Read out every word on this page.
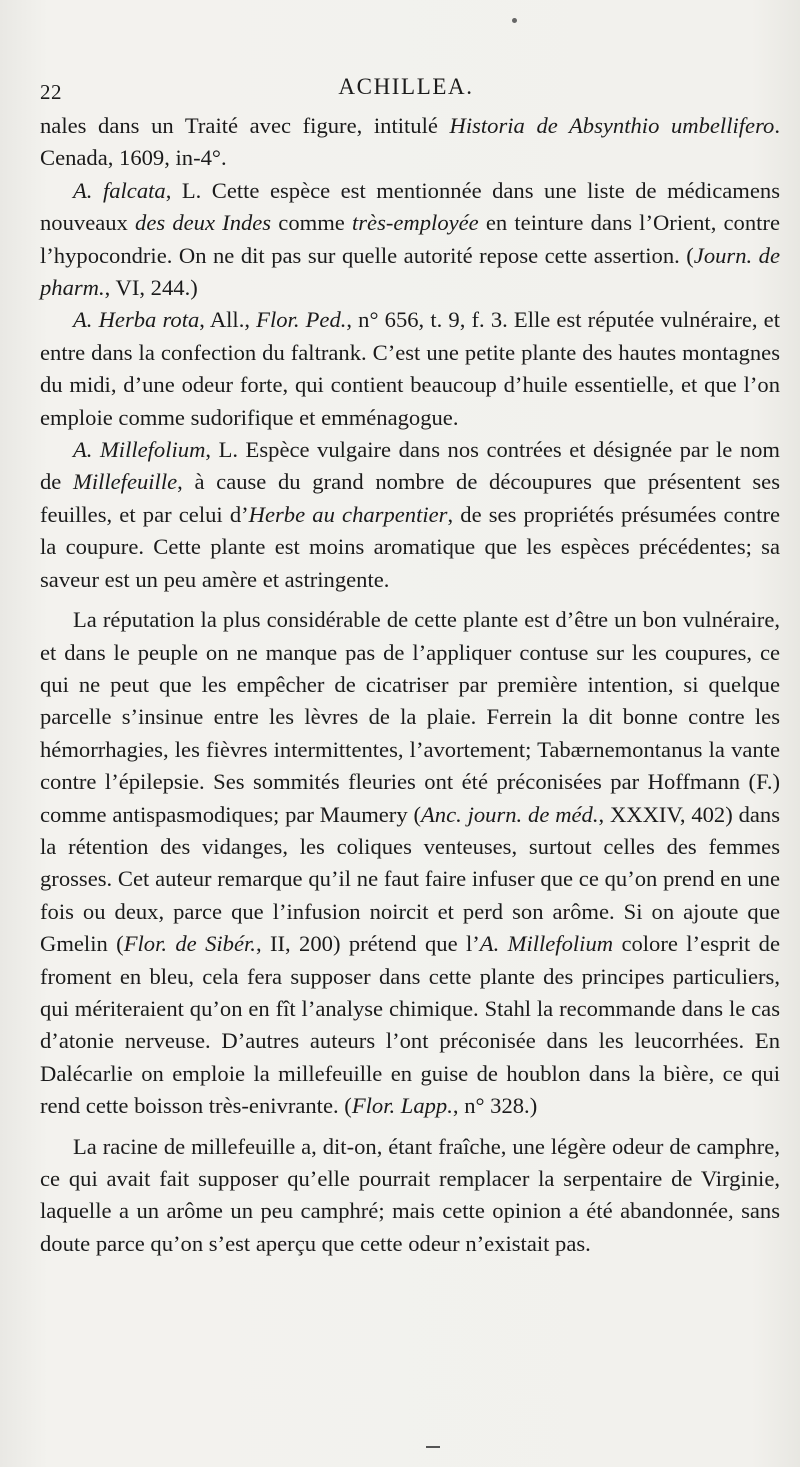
22	ACHILLEA.

nales dans un Traité avec figure, intitulé Historia de Absynthio umbellifero. Cenada, 1609, in-4°.

A. falcata, L. Cette espèce est mentionnée dans une liste de médicamens nouveaux des deux Indes comme très-employée en teinture dans l’Orient, contre l’hypocondrie. On ne dit pas sur quelle autorité repose cette assertion. (Journ. de pharm., VI, 244.)

A. Herba rota, All., Flor. Ped., n° 656, t. 9, f. 3. Elle est réputée vulnéraire, et entre dans la confection du faltrank. C’est une petite plante des hautes montagnes du midi, d’une odeur forte, qui contient beaucoup d’huile essentielle, et que l’on emploie comme sudorifique et emménagogue.

A. Millefolium, L. Espèce vulgaire dans nos contrées et désignée par le nom de Millefeuille, à cause du grand nombre de découpures que présentent ses feuilles, et par celui d’Herbe au charpentier, de ses propriétés présumées contre la coupure. Cette plante est moins aromatique que les espèces précédentes; sa saveur est un peu amère et astringente.

La réputation la plus considérable de cette plante est d’être un bon vulnéraire, et dans le peuple on ne manque pas de l’appliquer contuse sur les coupures, ce qui ne peut que les empêcher de cicatriser par première intention, si quelque parcelle s’insinue entre les lèvres de la plaie. Ferrein la dit bonne contre les hémorrhagies, les fièvres intermittentes, l’avortement; Tabærnemontanus la vante contre l’épilepsie. Ses sommités fleuries ont été préconisées par Hoffmann (F.) comme antispasmodiques; par Maumery (Anc. journ. de méd., XXXIV, 402) dans la rétention des vidanges, les coliques venteuses, surtout celles des femmes grosses. Cet auteur remarque qu’il ne faut faire infuser que ce qu’on prend en une fois ou deux, parce que l’infusion noircit et perd son arôme. Si on ajoute que Gmelin (Flor. de Sibér., II, 200) prétend que l’A. Millefolium colore l’esprit de froment en bleu, cela fera supposer dans cette plante des principes particuliers, qui mériteraient qu’on en fît l’analyse chimique. Stahl la recommande dans le cas d’atonie nerveuse. D’autres auteurs l’ont préconisée dans les leucorrhées. En Dalécarlie on emploie la millefeuille en guise de houblon dans la bière, ce qui rend cette boisson très-enivrante. (Flor. Lapp., n° 328.)

La racine de millefeuille a, dit-on, étant fraîche, une légère odeur de camphre, ce qui avait fait supposer qu’elle pourrait remplacer la serpentaire de Virginie, laquelle a un arôme un peu camphré; mais cette opinion a été abandonnée, sans doute parce qu’on s’est aperçu que cette odeur n’existait pas.
